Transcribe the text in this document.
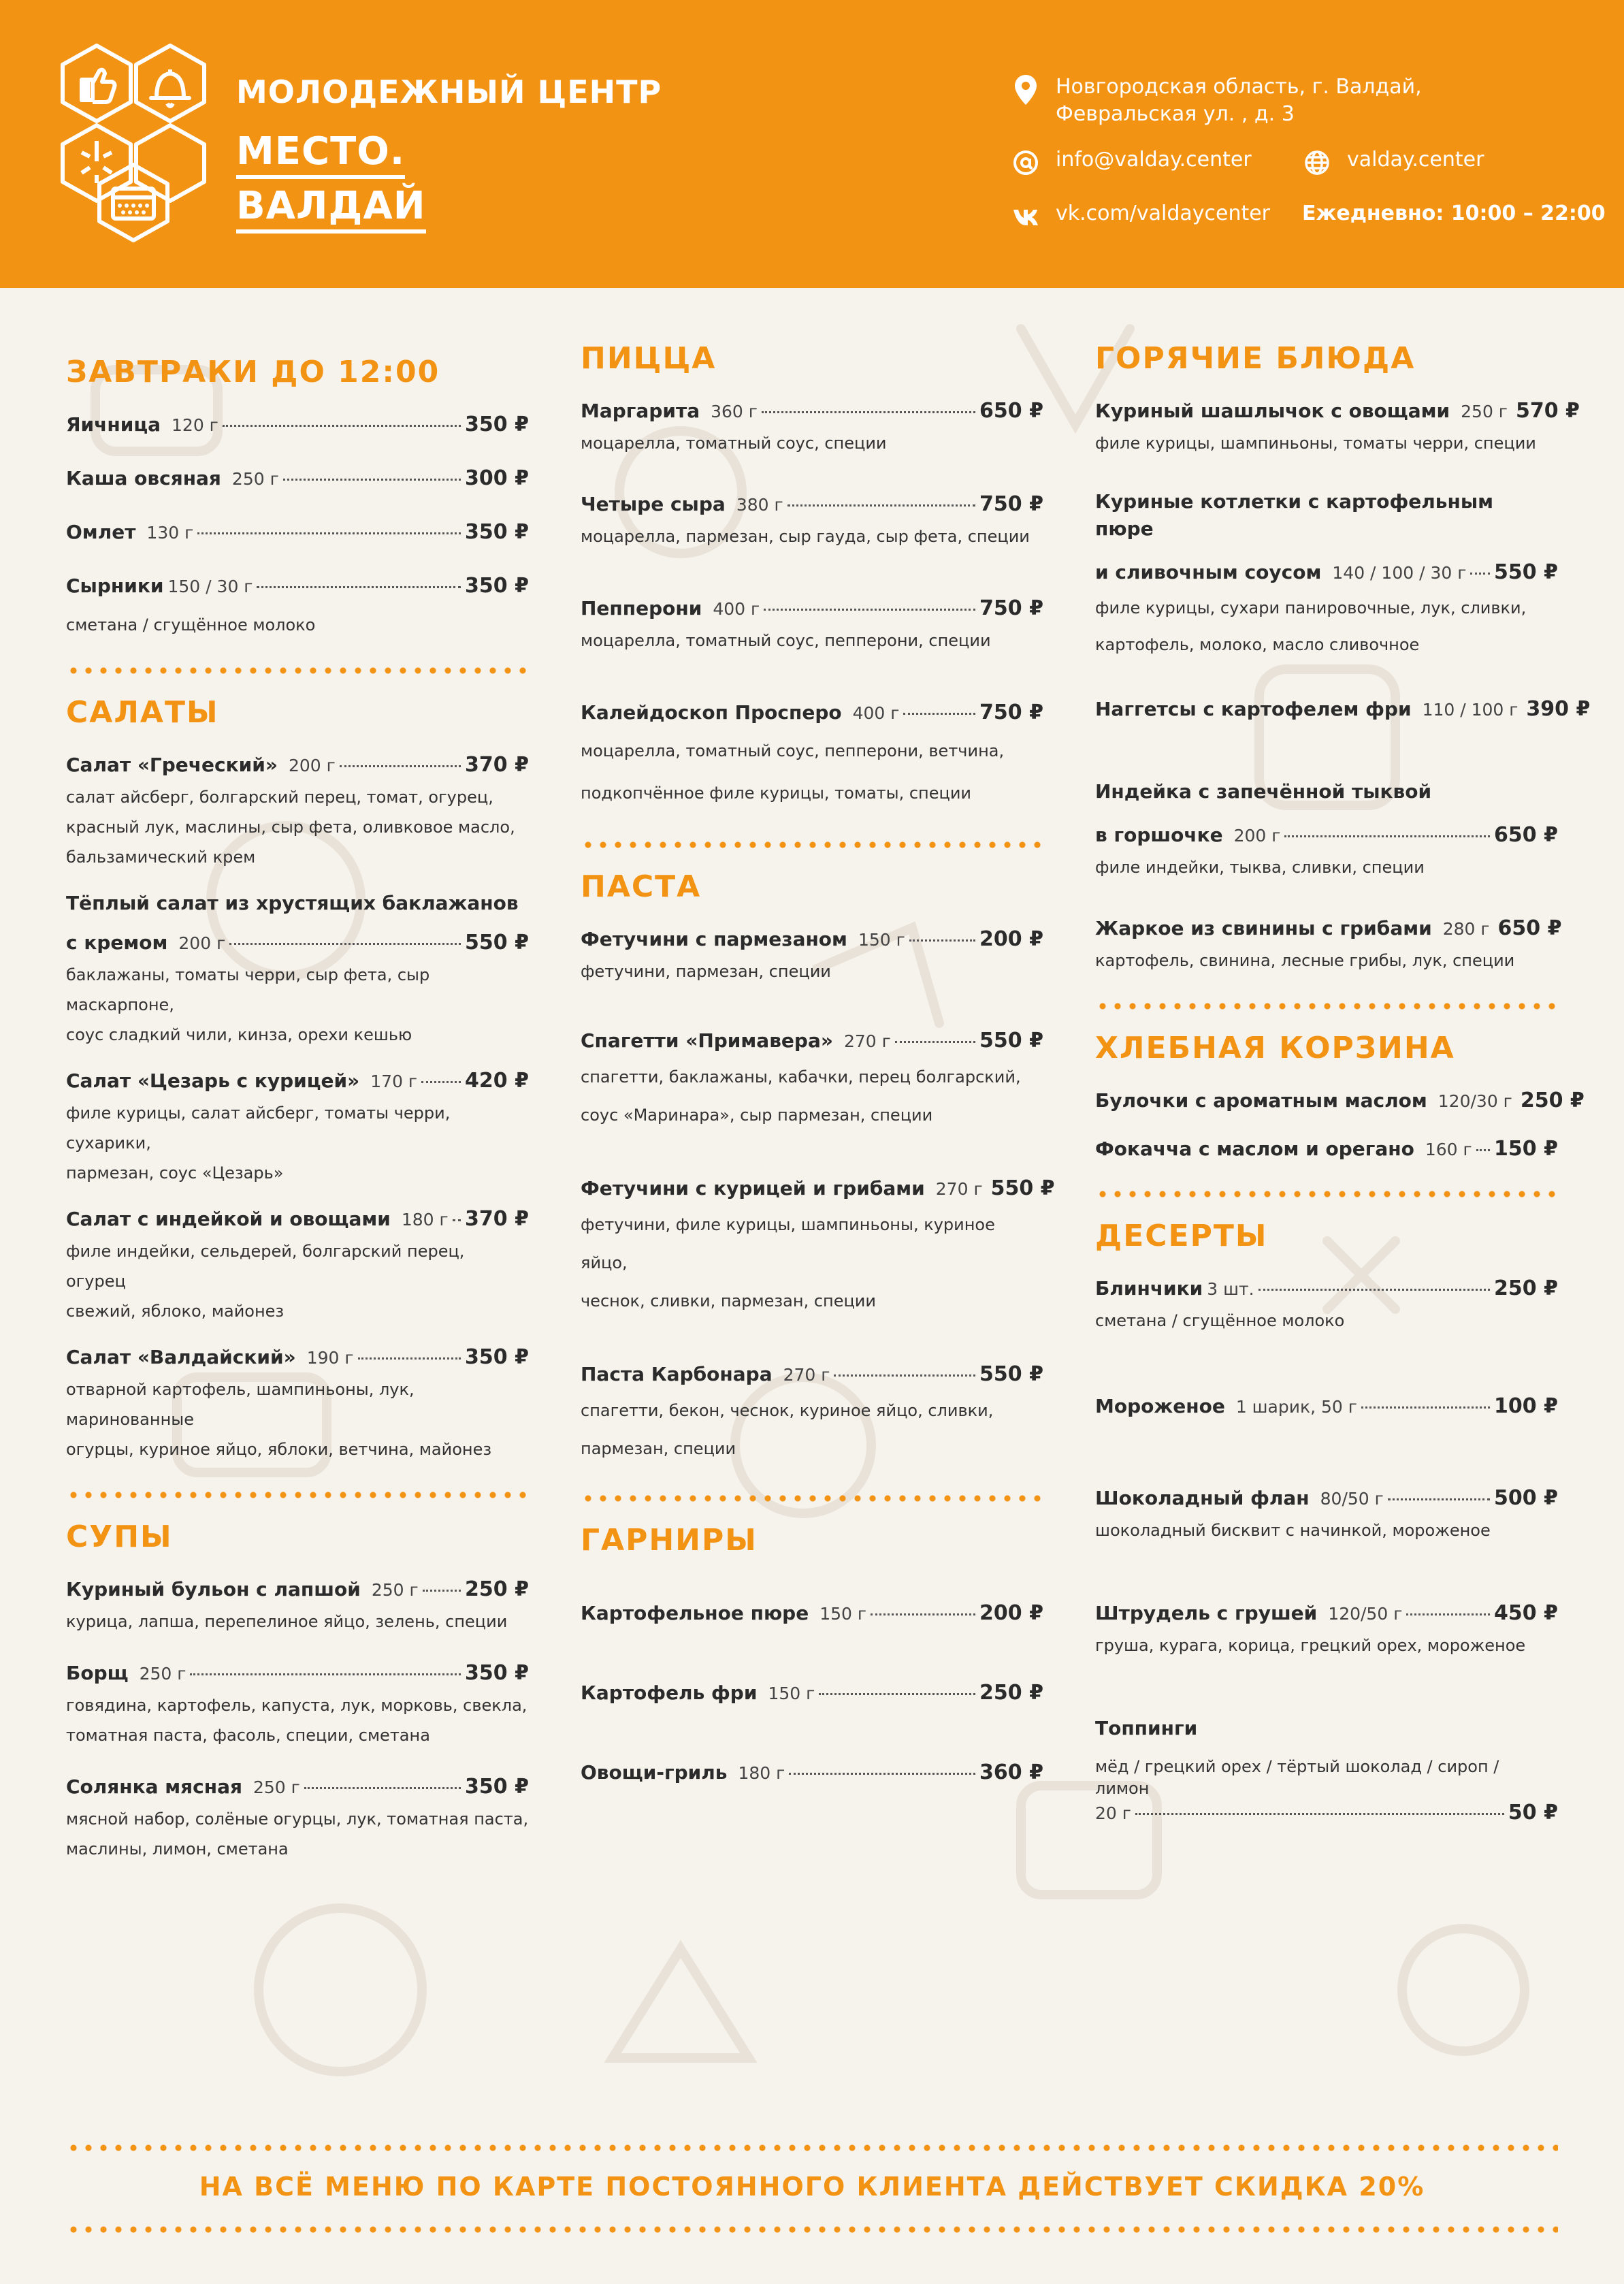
МОЛОДЕЖНЫЙ ЦЕНТР
МЕСТО.
ВАЛДАЙ
Новгородская область, г. Валдай,
Февральская ул. , д. 3
info@valday.center	valday.center
vk.com/valdaycenter Ежедневно: 10:00 – 22:00
ЗАВТРАКИ ДО 12:00
Яичница 120 г	350 ₽
Каша овсяная 250 г	300 ₽
Омлет 130 г	350 ₽
Сырники 150 / 30 г	350 ₽
сметана / сгущённое молоко
САЛАТЫ
Салат «Греческий» 200 г	370 ₽
салат айсберг, болгарский перец, томат, огурец,
красный лук, маслины, сыр фета, оливковое масло,
бальзамический крем
Тёплый салат из хрустящих баклажанов
с кремом 200 г	550 ₽
баклажаны, томаты черри, сыр фета, сыр маскарпоне,
соус сладкий чили, кинза, орехи кешью
Салат «Цезарь с курицей» 170 г 420 ₽
филе курицы, салат айсберг, томаты черри, сухарики,
пармезан, соус «Цезарь»
Салат с индейкой и овощами 180 г 370 ₽
филе индейки, сельдерей, болгарский перец, огурец
свежий, яблоко, майонез
Салат «Валдайский» 190 г	350 ₽
отварной картофель, шампиньоны, лук, маринованные
огурцы, куриное яйцо, яблоки, ветчина, майонез
СУПЫ
Куриный бульон с лапшой 250 г 250 ₽
курица, лапша, перепелиное яйцо, зелень, специи
Борщ 250 г	350 ₽
говядина, картофель, капуста, лук, морковь, свекла,
томатная паста, фасоль, специи, сметана
Солянка мясная 250 г	350 ₽
мясной набор, солёные огурцы, лук, томатная паста,
маслины, лимон, сметана
ПИЦЦА
Маргарита 360 г	650 ₽
моцарелла, томатный соус, специи
Четыре сыра 380 г	750 ₽
моцарелла, пармезан, сыр гауда, сыр фета, специи
Пепперони 400 г	750 ₽
моцарелла, томатный соус, пепперони, специи
Калейдоскоп Просперо 400 г	750 ₽
моцарелла, томатный соус, пепперони, ветчина,
подкопчённое филе курицы, томаты, специи
ПАСТА
Фетучини с пармезаном 150 г	200 ₽
фетучини, пармезан, специи
Спагетти «Примавера» 270 г	550 ₽
спагетти, баклажаны, кабачки, перец болгарский,
соус «Маринара», сыр пармезан, специи
Фетучини с курицей и грибами 270 г 550 ₽
фетучини, филе курицы, шампиньоны, куриное яйцо,
чеснок, сливки, пармезан, специи
Паста Карбонара 270 г	550 ₽
спагетти, бекон, чеснок, куриное яйцо, сливки,
пармезан, специи
ГАРНИРЫ
Картофельное пюре 150 г	200 ₽
Картофель фри 150 г	250 ₽
Овощи-гриль 180 г	360 ₽
ГОРЯЧИЕ БЛЮДА
Куриный шашлычок с овощами 250 г 570 ₽
филе курицы, шампиньоны, томаты черри, специи
Куриные котлетки с картофельным пюре
и сливочным соусом 140 / 100 / 30 г 550 ₽
филе курицы, сухари панировочные, лук, сливки,
картофель, молоко, масло сливочное
Наггетсы с картофелем фри 110 / 100 г 390 ₽
Индейка с запечённой тыквой
в горшочке 200 г	650 ₽
филе индейки, тыква, сливки, специи
Жаркое из свинины с грибами 280 г 650 ₽
картофель, свинина, лесные грибы, лук, специи
ХЛЕБНАЯ КОРЗИНА
Булочки с ароматным маслом 120/30 г 250 ₽
Фокачча с маслом и орегано 160 г 150 ₽
ДЕСЕРТЫ
Блинчики 3 шт.	250 ₽
сметана / сгущённое молоко
Мороженое 1 шарик, 50 г	100 ₽
Шоколадный флан 80/50 г	500 ₽
шоколадный бисквит с начинкой, мороженое
Штрудель с грушей 120/50 г	450 ₽
груша, курага, корица, грецкий орех, мороженое
Топпинги
мёд / грецкий орех / тёртый шоколад / сироп / лимон
20 г	50 ₽
НА ВСЁ МЕНЮ ПО КАРТЕ ПОСТОЯННОГО КЛИЕНТА ДЕЙСТВУЕТ СКИДКА 20%
